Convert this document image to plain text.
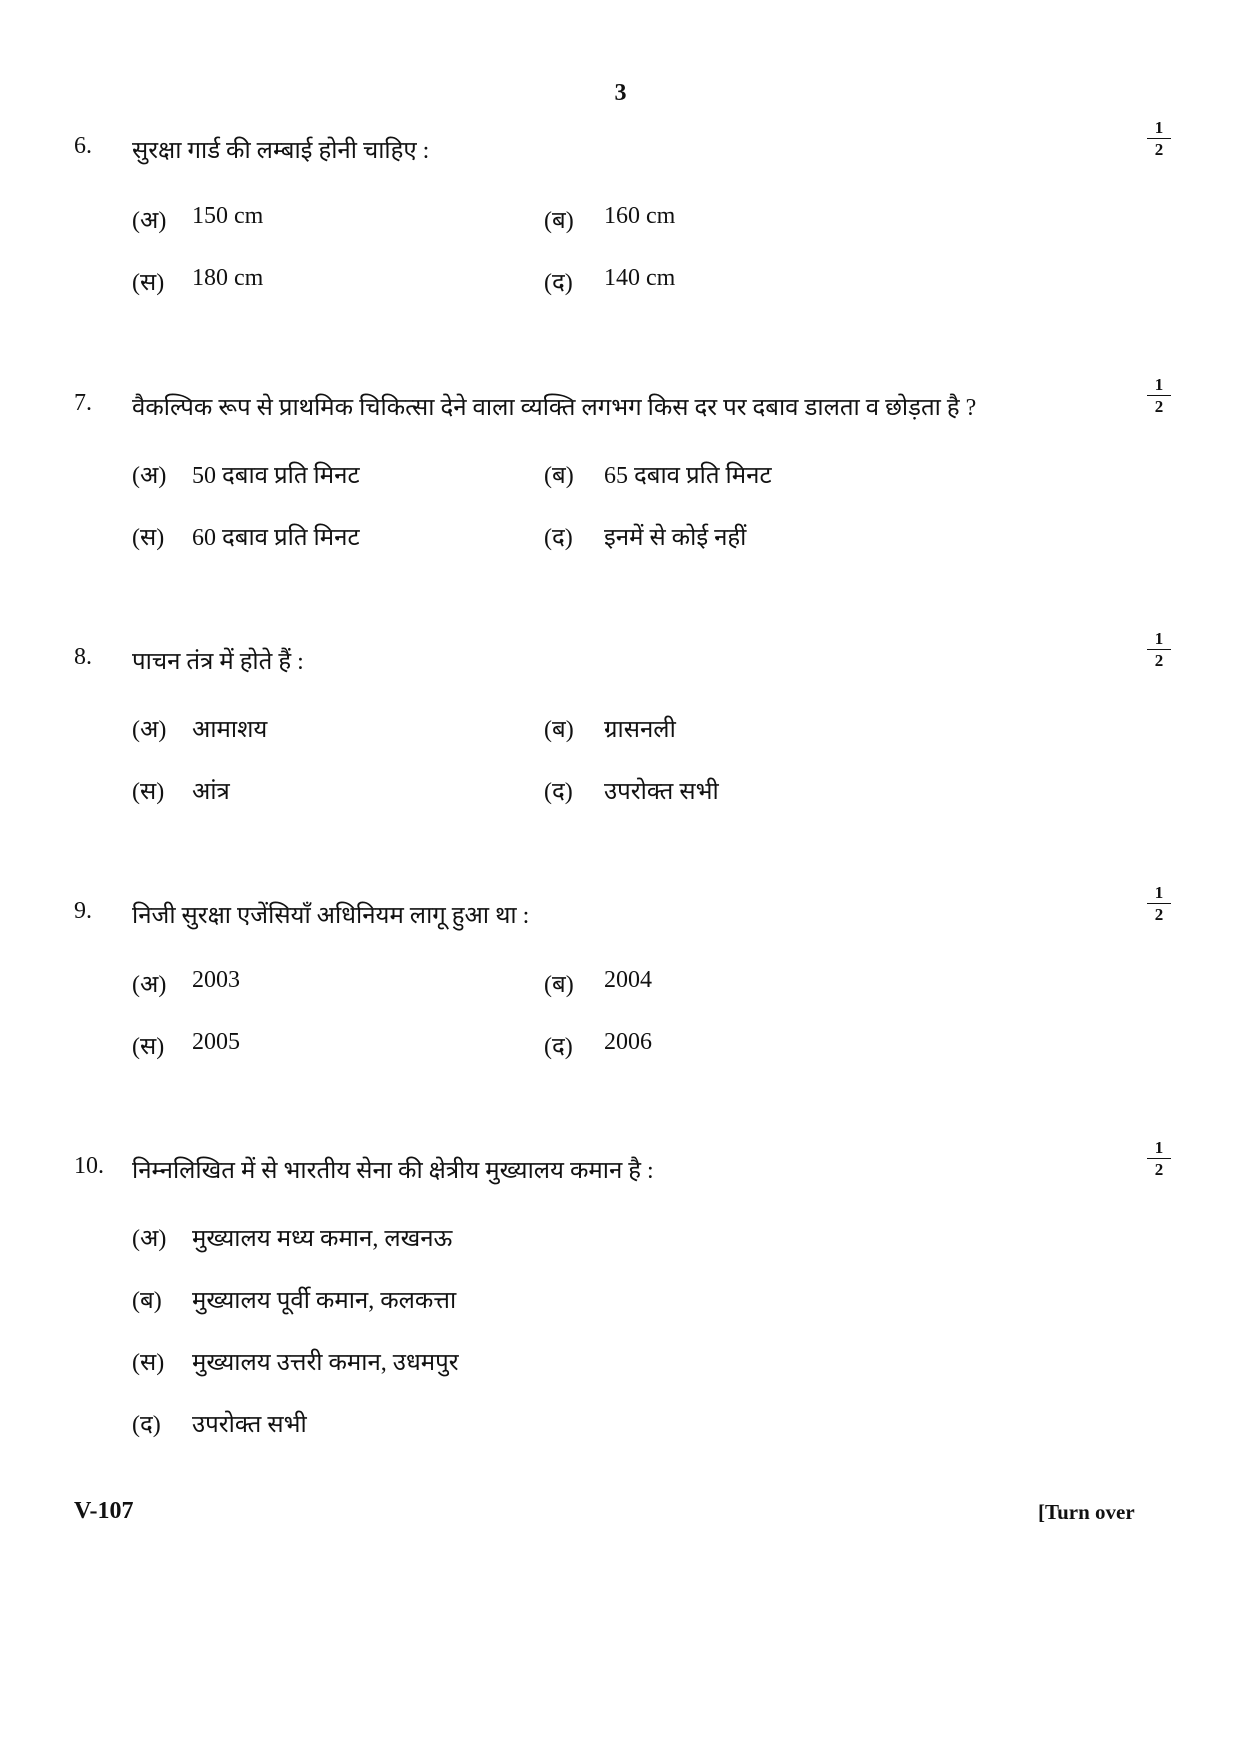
3
6. सुरक्षा गार्ड की लम्बाई होनी चाहिए :	$\frac{1}{2}$
(अ) 150 cm	(ब) 160 cm
(स) 180 cm	(द) 140 cm
7. वैकल्पिक रूप से प्राथमिक चिकित्सा देने वाला व्यक्ति लगभग किस दर पर दबाव डालता व छोड़ता है ?	$\frac{1}{2}$
(अ) 50 दबाव प्रति मिनट	(ब) 65 दबाव प्रति मिनट
(स) 60 दबाव प्रति मिनट	(द) इनमें से कोई नहीं
8. पाचन तंत्र में होते हैं :	$\frac{1}{2}$
(अ) आमाशय	(ब) ग्रासनली
(स) आंत्र	(द) उपरोक्त सभी
9. निजी सुरक्षा एजेंसियाँ अधिनियम लागू हुआ था :	$\frac{1}{2}$
(अ) 2003	(ब) 2004
(स) 2005	(द) 2006
10. निम्नलिखित में से भारतीय सेना की क्षेत्रीय मुख्यालय कमान है :	$\frac{1}{2}$
(अ) मुख्यालय मध्य कमान, लखनऊ
(ब) मुख्यालय पूर्वी कमान, कलकत्ता
(स) मुख्यालय उत्तरी कमान, उधमपुर
(द) उपरोक्त सभी
V-107	[Turn over
